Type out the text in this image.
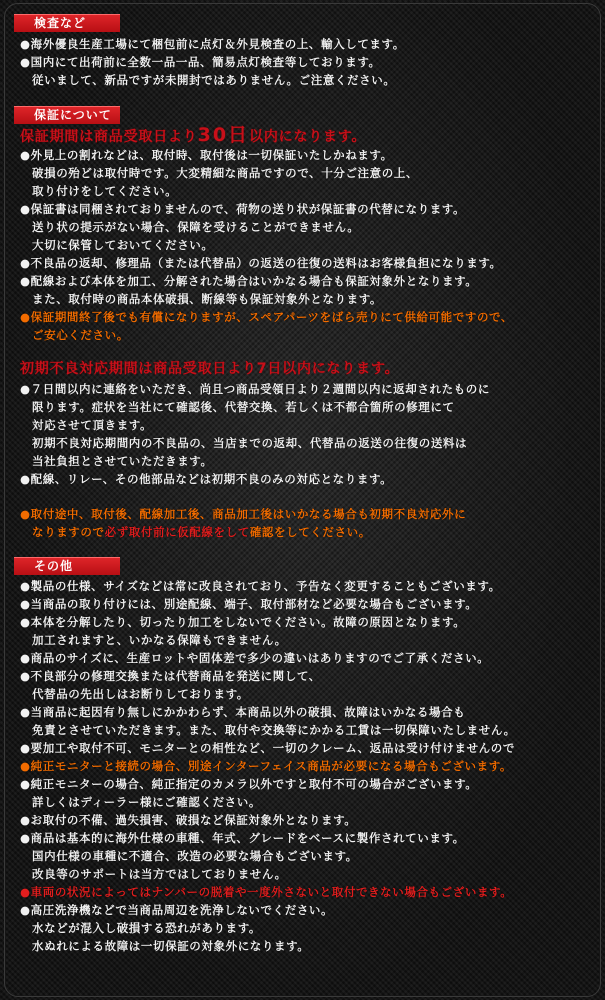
検査など
●海外優良生産工場にて梱包前に点灯＆外見検査の上、輸入してます。
●国内にて出荷前に全数一品一品、簡易点灯検査等しております。
従いまして、新品ですが未開封ではありません。ご注意ください。
保証について
保証期間は商品受取日より30日以内になります。
●外見上の割れなどは、取付時、取付後は一切保証いたしかねます。
破損の殆どは取付時です。大変精細な商品ですので、十分ご注意の上、
取り付けをしてください。
●保証書は同梱されておりませんので、荷物の送り状が保証書の代替になります。
送り状の提示がない場合、保障を受けることができません。
大切に保管しておいてください。
●不良品の返却、修理品（または代替品）の返送の往復の送料はお客様負担になります。
●配線および本体を加工、分解された場合はいかなる場合も保証対象外となります。
また、取付時の商品本体破損、断線等も保証対象外となります。
●保証期間終了後でも有償になりますが、スペアパーツをばら売りにて供給可能ですので、
ご安心ください。
初期不良対応期間は商品受取日より7日以内になります。
●７日間以内に連絡をいただき、尚且つ商品受領日より２週間以内に返却されたものに
限ります。症状を当社にて確認後、代替交換、若しくは不都合箇所の修理にて
対応させて頂きます。
初期不良対応期間内の不良品の、当店までの返却、代替品の返送の往復の送料は
当社負担とさせていただきます。
●配線、リレー、その他部品などは初期不良のみの対応となります。
●取付途中、取付後、配線加工後、商品加工後はいかなる場合も初期不良対応外に
なりますので必ず取付前に仮配線をして確認をしてください。
その他
●製品の仕様、サイズなどは常に改良されており、予告なく変更することもございます。
●当商品の取り付けには、別途配線、端子、取付部材など必要な場合もございます。
●本体を分解したり、切ったり加工をしないでください。故障の原因となります。
加工されますと、いかなる保障もできません。
●商品のサイズに、生産ロットや固体差で多少の違いはありますのでご了承ください。
●不良部分の修理交換または代替商品を発送に関して、
代替品の先出しはお断りしております。
●当商品に起因有り無しにかかわらず、本商品以外の破損、故障はいかなる場合も
免責とさせていただきます。また、取付や交換等にかかる工賃は一切保障いたしません。
●要加工や取付不可、モニターとの相性など、一切のクレーム、返品は受け付けませんので
●純正モニターと接続の場合、別途インターフェイス商品が必要になる場合もございます。
●純正モニターの場合、純正指定のカメラ以外ですと取付不可の場合がございます。
詳しくはディーラー様にご確認ください。
●お取付の不備、過失損害、破損など保証対象外となります。
●商品は基本的に海外仕様の車種、年式、グレードをベースに製作されています。
国内仕様の車種に不適合、改造の必要な場合もございます。
改良等のサポートは当方ではしておりません。
●車両の状況によってはナンバーの脱着や一度外さないと取付できない場合もございます。
●高圧洗浄機などで当商品周辺を洗浄しないでください。
水などが混入し破損する恐れがあります。
水ぬれによる故障は一切保証の対象外になります。
